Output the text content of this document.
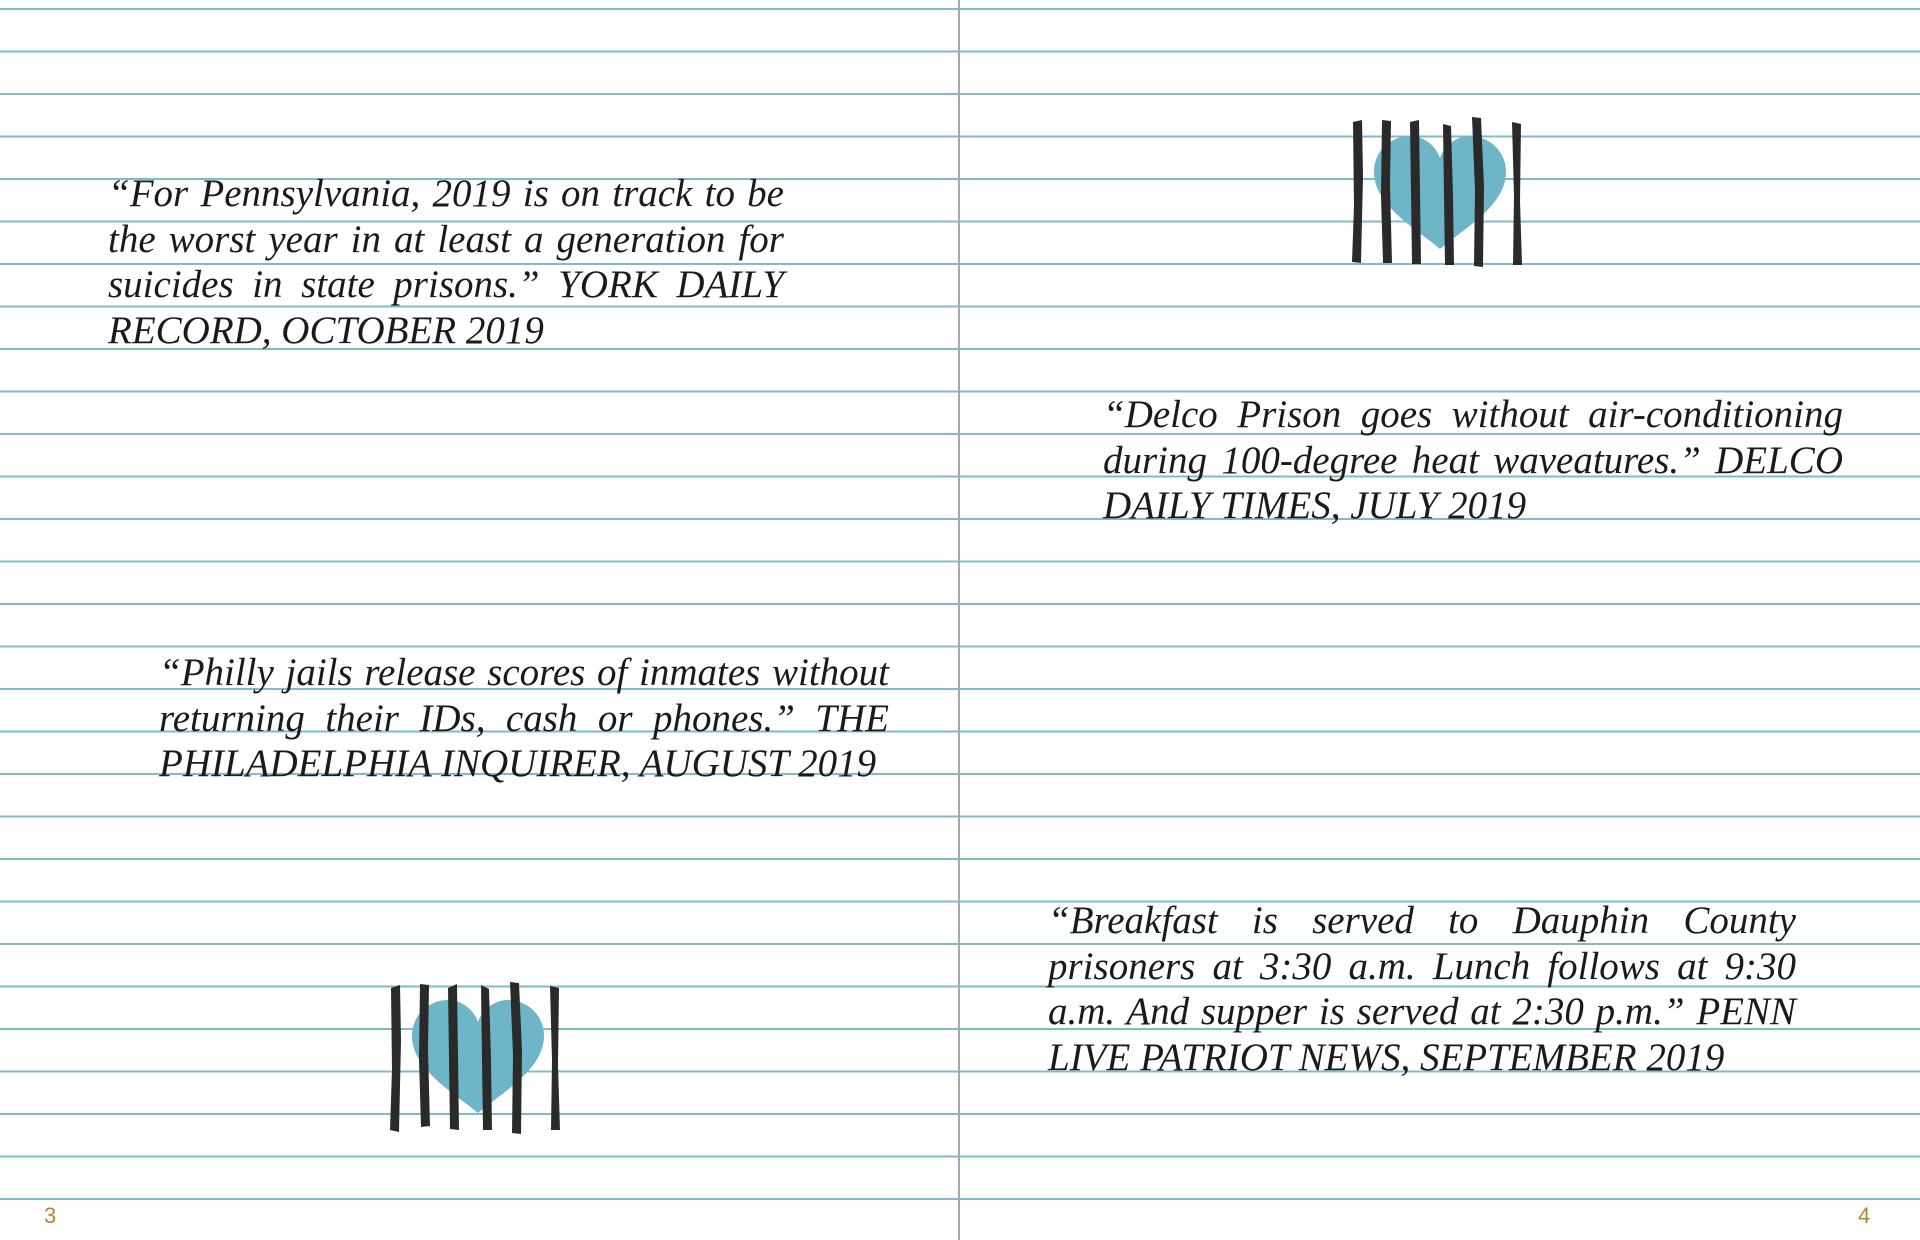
“For Pennsylvania, 2019 is on track to be the worst year in at least a generation for suicides in state prisons.” YORK DAILY RECORD, OCTOBER 2019

“Philly jails release scores of inmates without returning their IDs, cash or phones.” THE PHILADELPHIA INQUIRER, AUGUST 2019

3

“Delco Prison goes without air-conditioning during 100-degree heat waveatures.” DELCO DAILY TIMES, JULY 2019

“Breakfast is served to Dauphin County prisoners at 3:30 a.m. Lunch follows at 9:30 a.m. And supper is served at 2:30 p.m.” PENN LIVE PATRIOT NEWS, SEPTEMBER 2019

4
